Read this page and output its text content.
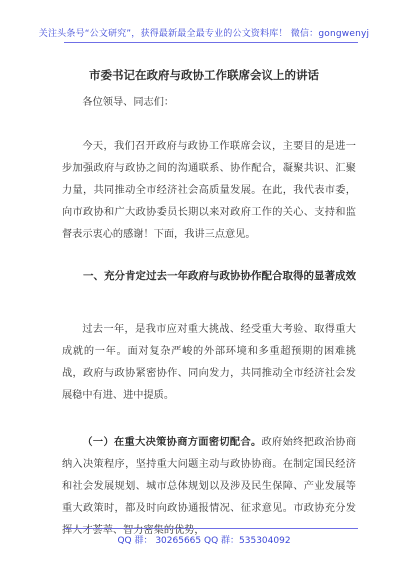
关注头条号“公文研究”，获得最新最全最专业的公文资料库！ 微信：gongwenyj
市委书记在政府与政协工作联席会议上的讲话
各位领导、同志们：
今天，我们召开政府与政协工作联席会议，主要目的是进一步加强政府与政协之间的沟通联系、协作配合，凝聚共识、汇聚力量，共同推动全市经济社会高质量发展。在此，我代表市委，向市政协和广大政协委员长期以来对政府工作的关心、支持和监督表示衷心的感谢！下面，我讲三点意见。
一、充分肯定过去一年政府与政协协作配合取得的显著成效
过去一年，是我市应对重大挑战、经受重大考验、取得重大成就的一年。面对复杂严峻的外部环境和多重超预期的困难挑战，政府与政协紧密协作、同向发力，共同推动全市经济社会发展稳中有进、进中提质。
（一）在重大决策协商方面密切配合。政府始终把政治协商纳入决策程序，坚持重大问题主动与政协协商。在制定国民经济和社会发展规划、城市总体规划以及涉及民生保障、产业发展等重大政策时，都及时向政协通报情况、征求意见。市政协充分发挥人才荟萃、智力密集的优势，
QQ 群： 30265665 QQ 群：535304092
